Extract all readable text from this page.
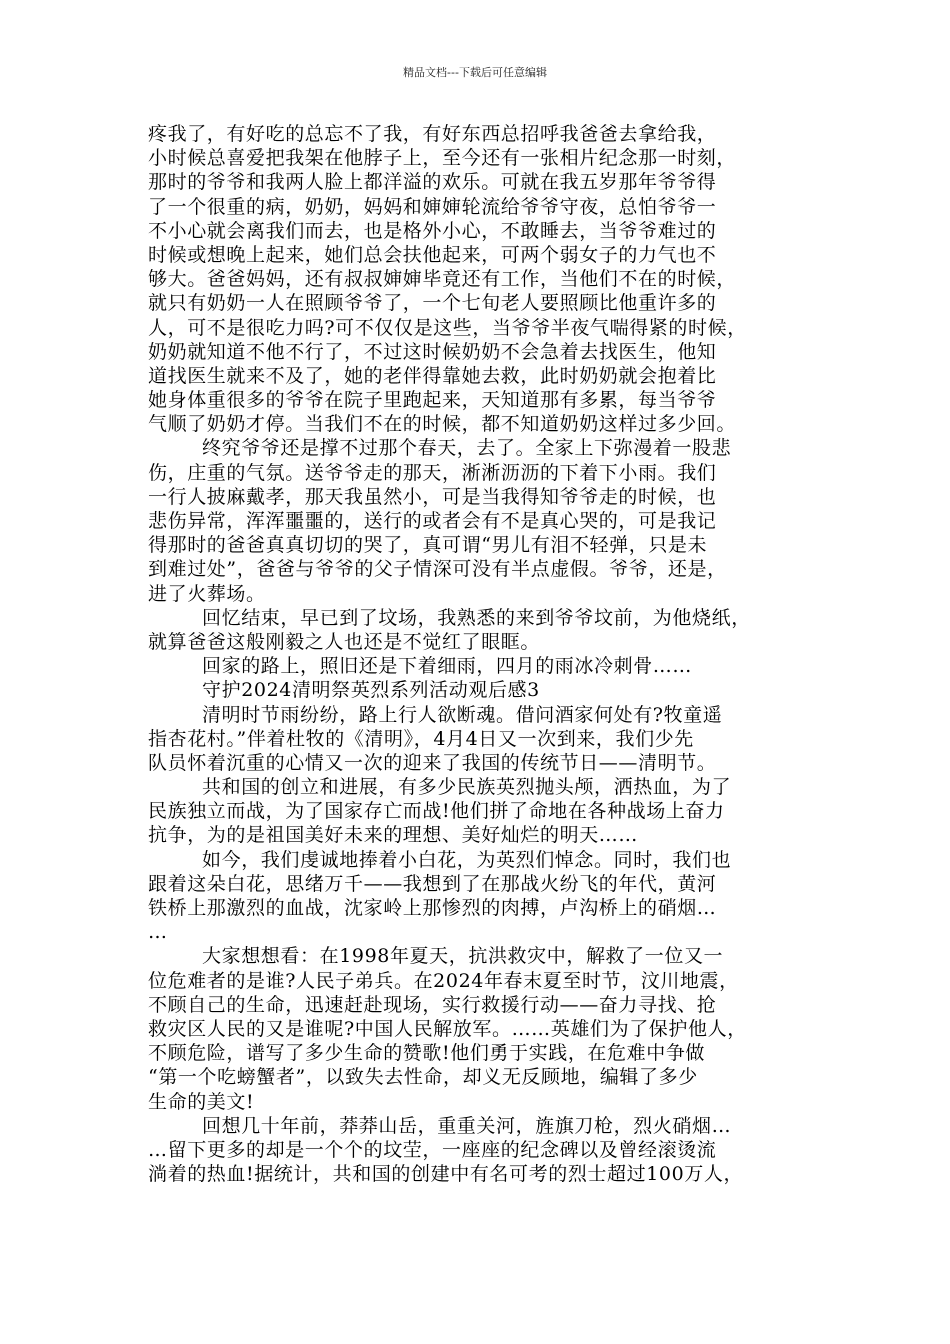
精品文档---下载后可任意编辑
疼我了，有好吃的总忘不了我，有好东西总招呼我爸爸去拿给我，
小时候总喜爱把我架在他脖子上，至今还有一张相片纪念那一时刻，
那时的爷爷和我两人脸上都洋溢的欢乐。可就在我五岁那年爷爷得
了一个很重的病，奶奶，妈妈和婶婶轮流给爷爷守夜，总怕爷爷一
不小心就会离我们而去，也是格外小心，不敢睡去，当爷爷难过的
时候或想晚上起来，她们总会扶他起来，可两个弱女子的力气也不
够大。爸爸妈妈，还有叔叔婶婶毕竟还有工作，当他们不在的时候，
就只有奶奶一人在照顾爷爷了，一个七旬老人要照顾比他重许多的
人，可不是很吃力吗?可不仅仅是这些，当爷爷半夜气喘得紧的时候，
奶奶就知道不他不行了，不过这时候奶奶不会急着去找医生，他知
道找医生就来不及了，她的老伴得靠她去救，此时奶奶就会抱着比
她身体重很多的爷爷在院子里跑起来，天知道那有多累，每当爷爷
气顺了奶奶才停。当我们不在的时候，都不知道奶奶这样过多少回。
终究爷爷还是撑不过那个春天，去了。全家上下弥漫着一股悲
伤，庄重的气氛。送爷爷走的那天，淅淅沥沥的下着下小雨。我们
一行人披麻戴孝，那天我虽然小，可是当我得知爷爷走的时候，也
悲伤异常，浑浑噩噩的，送行的或者会有不是真心哭的，可是我记
得那时的爸爸真真切切的哭了，真可谓“男儿有泪不轻弹，只是未
到难过处”，爸爸与爷爷的父子情深可没有半点虚假。爷爷，还是，
进了火葬场。
回忆结束，早已到了坟场，我熟悉的来到爷爷坟前，为他烧纸，
就算爸爸这般刚毅之人也还是不觉红了眼眶。
回家的路上，照旧还是下着细雨，四月的雨冰冷刺骨……
守护2024清明祭英烈系列活动观后感3
清明时节雨纷纷，路上行人欲断魂。借问酒家何处有?牧童遥
指杏花村。”伴着杜牧的《清明》，4月4日又一次到来，我们少先
队员怀着沉重的心情又一次的迎来了我国的传统节日——清明节。
共和国的创立和进展，有多少民族英烈抛头颅，洒热血，为了
民族独立而战，为了国家存亡而战!他们拼了命地在各种战场上奋力
抗争，为的是祖国美好未来的理想、美好灿烂的明天……
如今，我们虔诚地捧着小白花，为英烈们悼念。同时，我们也
跟着这朵白花，思绪万千——我想到了在那战火纷飞的年代，黄河
铁桥上那激烈的血战，沈家岭上那惨烈的肉搏，卢沟桥上的硝烟…
…
大家想想看：在1998年夏天，抗洪救灾中，解救了一位又一
位危难者的是谁?人民子弟兵。在2024年春末夏至时节，汶川地震，
不顾自己的生命，迅速赶赴现场，实行救援行动——奋力寻找、抢
救灾区人民的又是谁呢?中国人民解放军。……英雄们为了保护他人，
不顾危险，谱写了多少生命的赞歌!他们勇于实践，在危难中争做
“第一个吃螃蟹者”，以致失去性命，却义无反顾地，编辑了多少
生命的美文!
回想几十年前，莽莽山岳，重重关河，旌旗刀枪，烈火硝烟…
…留下更多的却是一个个的坟茔，一座座的纪念碑以及曾经滚烫流
淌着的热血!据统计，共和国的创建中有名可考的烈士超过100万人，
